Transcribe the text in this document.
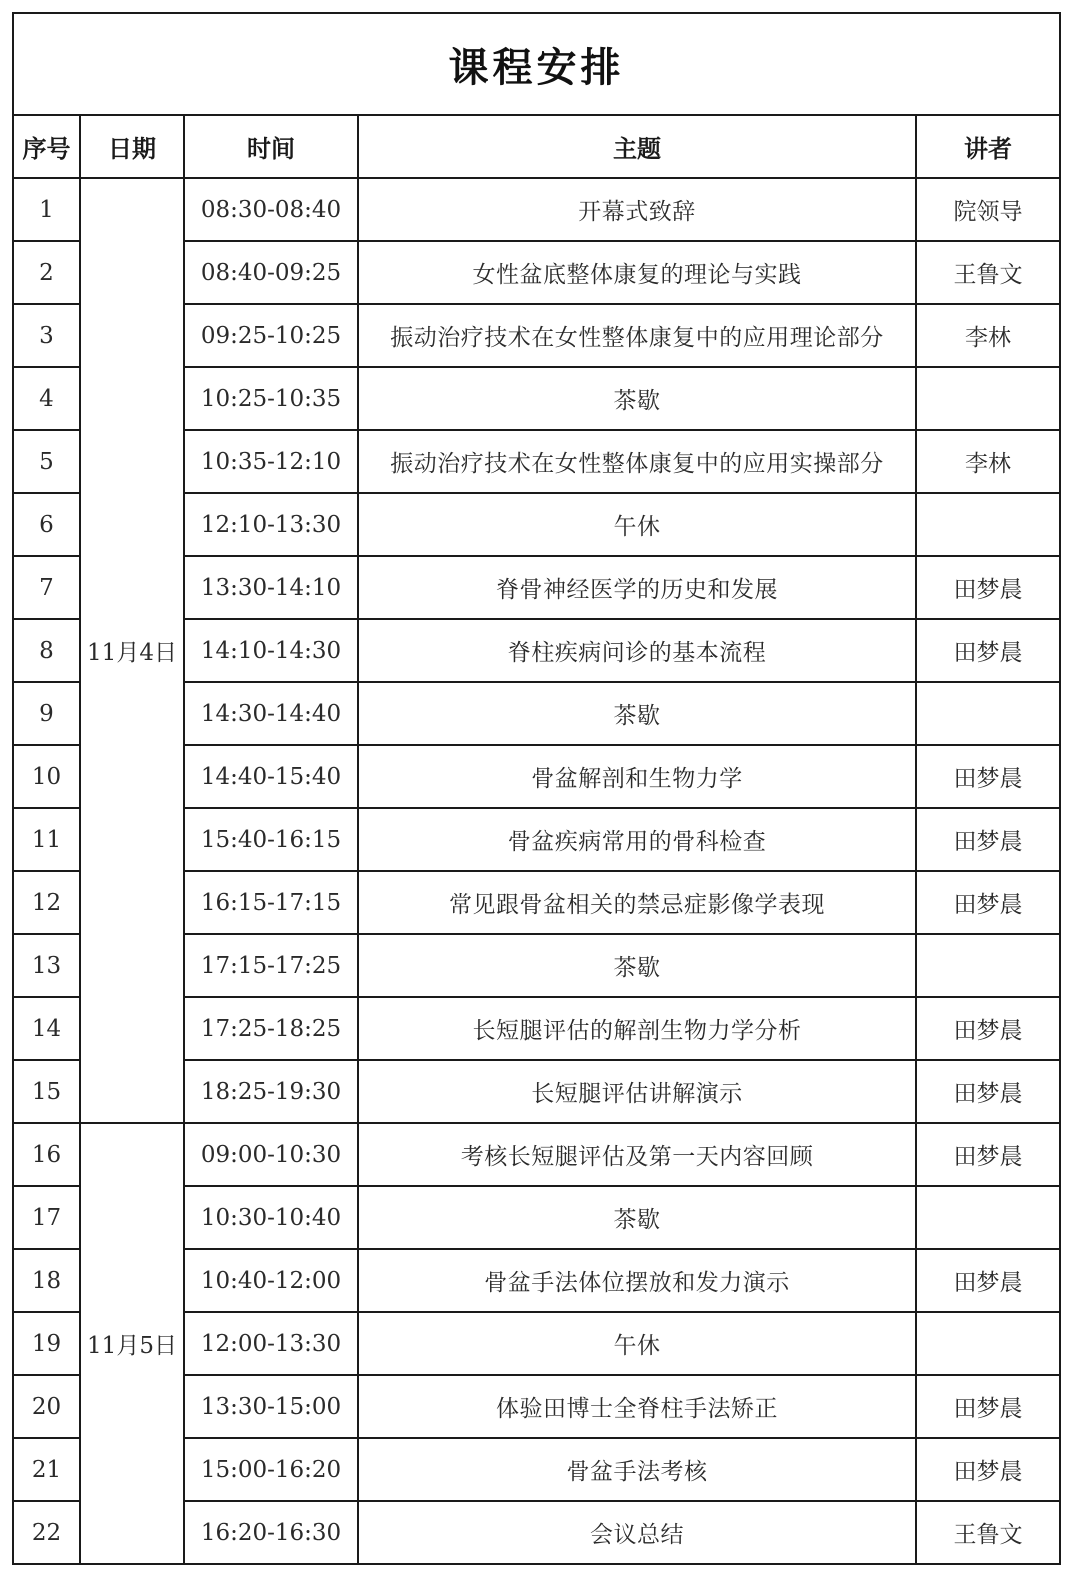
课程安排				
序号	日期	时间	主题	讲者
1	11月4日	08:30-08:40	开幕式致辞	院领导
2		08:40-09:25	女性盆底整体康复的理论与实践	王鲁文
3		09:25-10:25	振动治疗技术在女性整体康复中的应用理论部分	李林
4		10:25-10:35	茶歇	
5		10:35-12:10	振动治疗技术在女性整体康复中的应用实操部分	李林
6		12:10-13:30	午休	
7		13:30-14:10	脊骨神经医学的历史和发展	田梦晨
8		14:10-14:30	脊柱疾病问诊的基本流程	田梦晨
9		14:30-14:40	茶歇	
10		14:40-15:40	骨盆解剖和生物力学	田梦晨
11		15:40-16:15	骨盆疾病常用的骨科检查	田梦晨
12		16:15-17:15	常见跟骨盆相关的禁忌症影像学表现	田梦晨
13		17:15-17:25	茶歇	
14		17:25-18:25	长短腿评估的解剖生物力学分析	田梦晨
15		18:25-19:30	长短腿评估讲解演示	田梦晨
16	11月5日	09:00-10:30	考核长短腿评估及第一天内容回顾	田梦晨
17		10:30-10:40	茶歇	
18		10:40-12:00	骨盆手法体位摆放和发力演示	田梦晨
19		12:00-13:30	午休	
20		13:30-15:00	体验田博士全脊柱手法矫正	田梦晨
21		15:00-16:20	骨盆手法考核	田梦晨
22		16:20-16:30	会议总结	王鲁文
